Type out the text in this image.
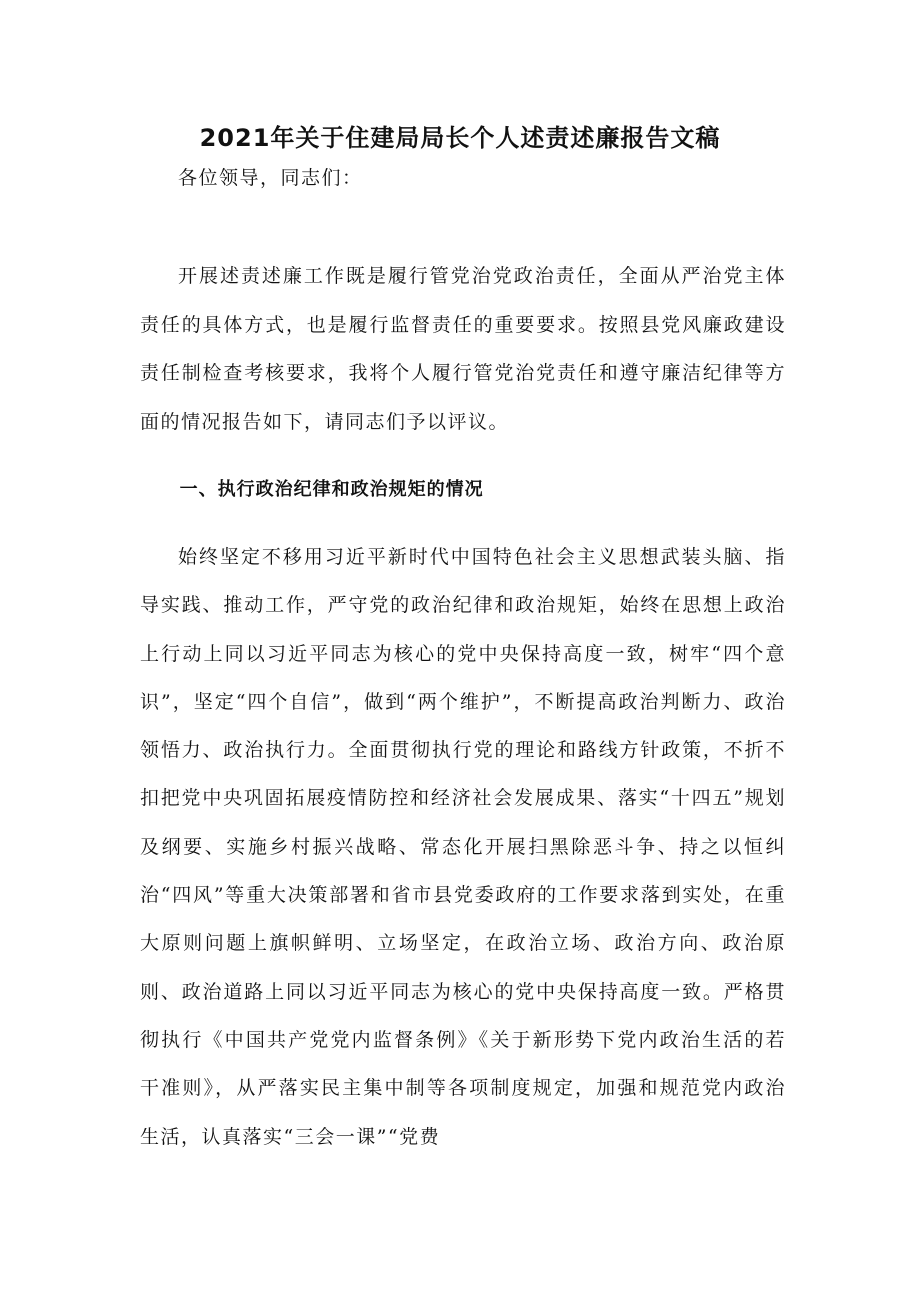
2021年关于住建局局长个人述责述廉报告文稿

各位领导，同志们：

开展述责述廉工作既是履行管党治党政治责任，全面从严治党主体责任的具体方式，也是履行监督责任的重要要求。按照县党风廉政建设责任制检查考核要求，我将个人履行管党治党责任和遵守廉洁纪律等方面的情况报告如下，请同志们予以评议。

一、执行政治纪律和政治规矩的情况

始终坚定不移用习近平新时代中国特色社会主义思想武装头脑、指导实践、推动工作，严守党的政治纪律和政治规矩，始终在思想上政治上行动上同以习近平同志为核心的党中央保持高度一致，树牢“四个意识”，坚定“四个自信”，做到“两个维护”，不断提高政治判断力、政治领悟力、政治执行力。全面贯彻执行党的理论和路线方针政策，不折不扣把党中央巩固拓展疫情防控和经济社会发展成果、落实“十四五”规划及纲要、实施乡村振兴战略、常态化开展扫黑除恶斗争、持之以恒纠治“四风”等重大决策部署和省市县党委政府的工作要求落到实处，在重大原则问题上旗帜鲜明、立场坚定，在政治立场、政治方向、政治原则、政治道路上同以习近平同志为核心的党中央保持高度一致。严格贯彻执行《中国共产党党内监督条例》《关于新形势下党内政治生活的若干准则》，从严落实民主集中制等各项制度规定，加强和规范党内政治生活，认真落实“三会一课”“党费
